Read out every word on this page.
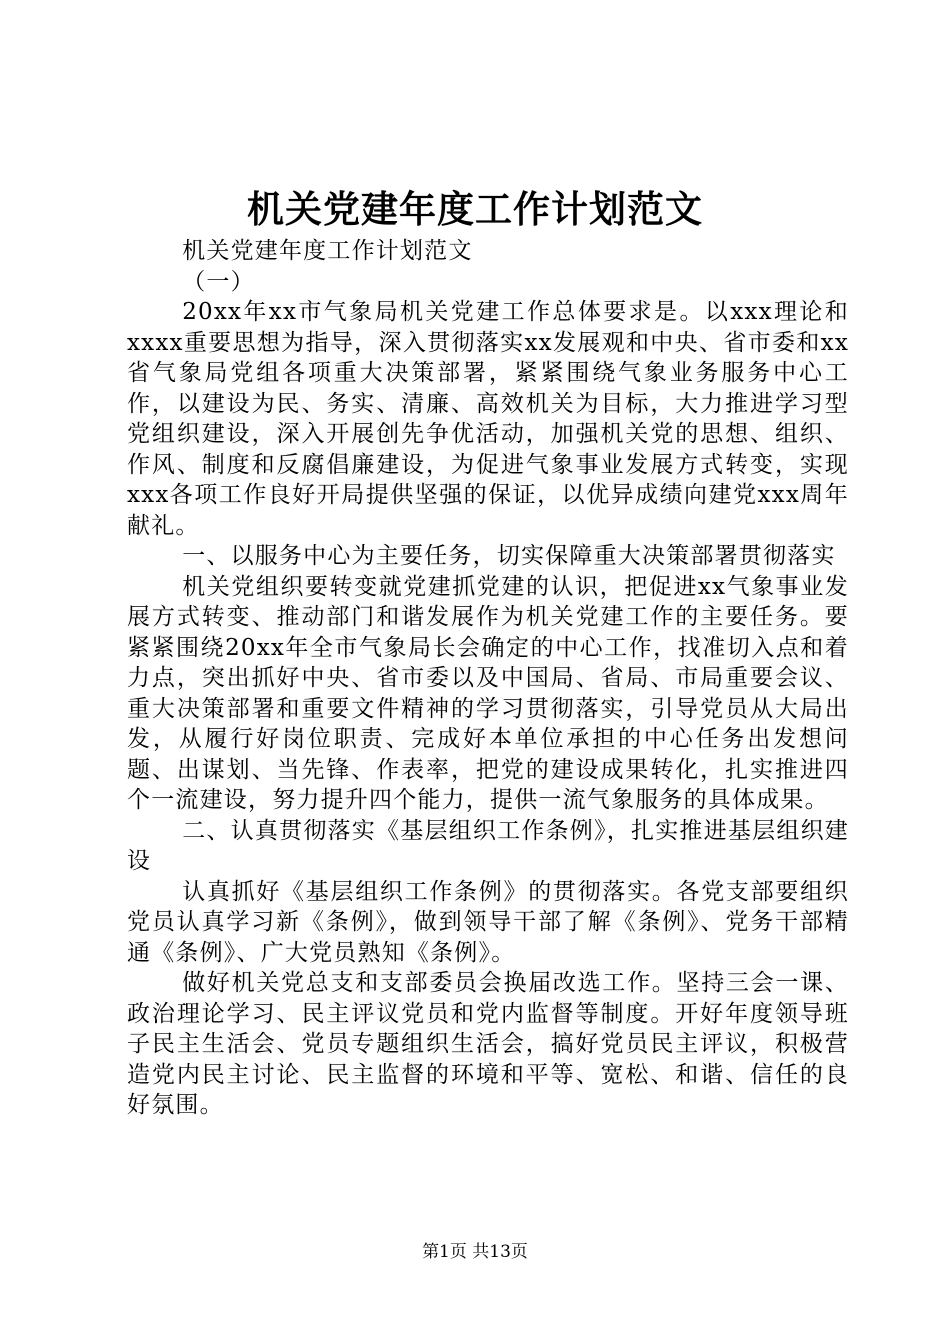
机关党建年度工作计划范文

机关党建年度工作计划范文

（一）

20xx年xx市气象局机关党建工作总体要求是。以xxx理论和xxxx重要思想为指导，深入贯彻落实xx发展观和中央、省市委和xx省气象局党组各项重大决策部署，紧紧围绕气象业务服务中心工作，以建设为民、务实、清廉、高效机关为目标，大力推进学习型党组织建设，深入开展创先争优活动，加强机关党的思想、组织、作风、制度和反腐倡廉建设，为促进气象事业发展方式转变，实现xxx各项工作良好开局提供坚强的保证，以优异成绩向建党xxx周年献礼。

一、以服务中心为主要任务，切实保障重大决策部署贯彻落实

机关党组织要转变就党建抓党建的认识，把促进xx气象事业发展方式转变、推动部门和谐发展作为机关党建工作的主要任务。要紧紧围绕20xx年全市气象局长会确定的中心工作，找准切入点和着力点，突出抓好中央、省市委以及中国局、省局、市局重要会议、重大决策部署和重要文件精神的学习贯彻落实，引导党员从大局出发，从履行好岗位职责、完成好本单位承担的中心任务出发想问题、出谋划、当先锋、作表率，把党的建设成果转化，扎实推进四个一流建设，努力提升四个能力，提供一流气象服务的具体成果。

二、认真贯彻落实《基层组织工作条例》，扎实推进基层组织建设

认真抓好《基层组织工作条例》的贯彻落实。各党支部要组织党员认真学习新《条例》，做到领导干部了解《条例》、党务干部精通《条例》、广大党员熟知《条例》。

做好机关党总支和支部委员会换届改选工作。坚持三会一课、政治理论学习、民主评议党员和党内监督等制度。开好年度领导班子民主生活会、党员专题组织生活会，搞好党员民主评议，积极营造党内民主讨论、民主监督的环境和平等、宽松、和谐、信任的良好氛围。

第1页 共13页
